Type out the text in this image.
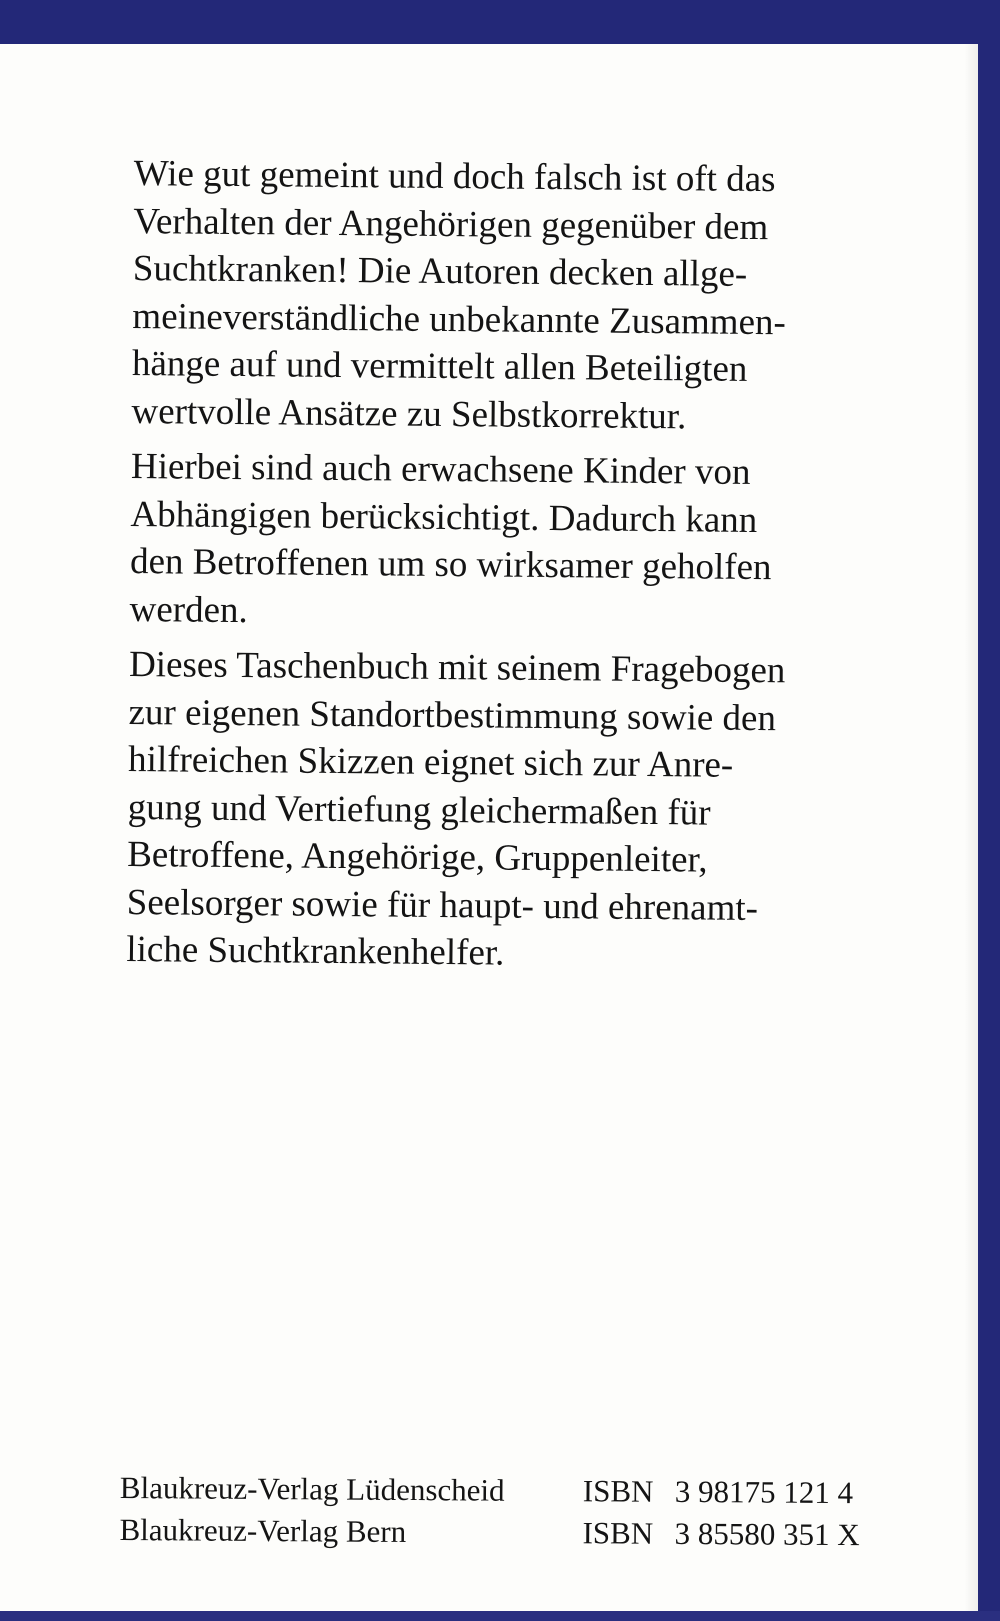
Wie gut gemeint und doch falsch ist oft das
Verhalten der Angehörigen gegenüber dem
Suchtkranken! Die Autoren decken allge-
meineverständliche unbekannte Zusammen-
hänge auf und vermittelt allen Beteiligten
wertvolle Ansätze zu Selbstkorrektur.

Hierbei sind auch erwachsene Kinder von
Abhängigen berücksichtigt. Dadurch kann
den Betroffenen um so wirksamer geholfen
werden.

Dieses Taschenbuch mit seinem Fragebogen
zur eigenen Standortbestimmung sowie den
hilfreichen Skizzen eignet sich zur Anre-
gung und Vertiefung gleichermaßen für
Betroffene, Angehörige, Gruppenleiter,
Seelsorger sowie für haupt- und ehrenamt-
liche Suchtkrankenhelfer.

Blaukreuz-Verlag Lüdenscheid	ISBN 3 98175 121 4
Blaukreuz-Verlag Bern	ISBN 3 85580 351 X
